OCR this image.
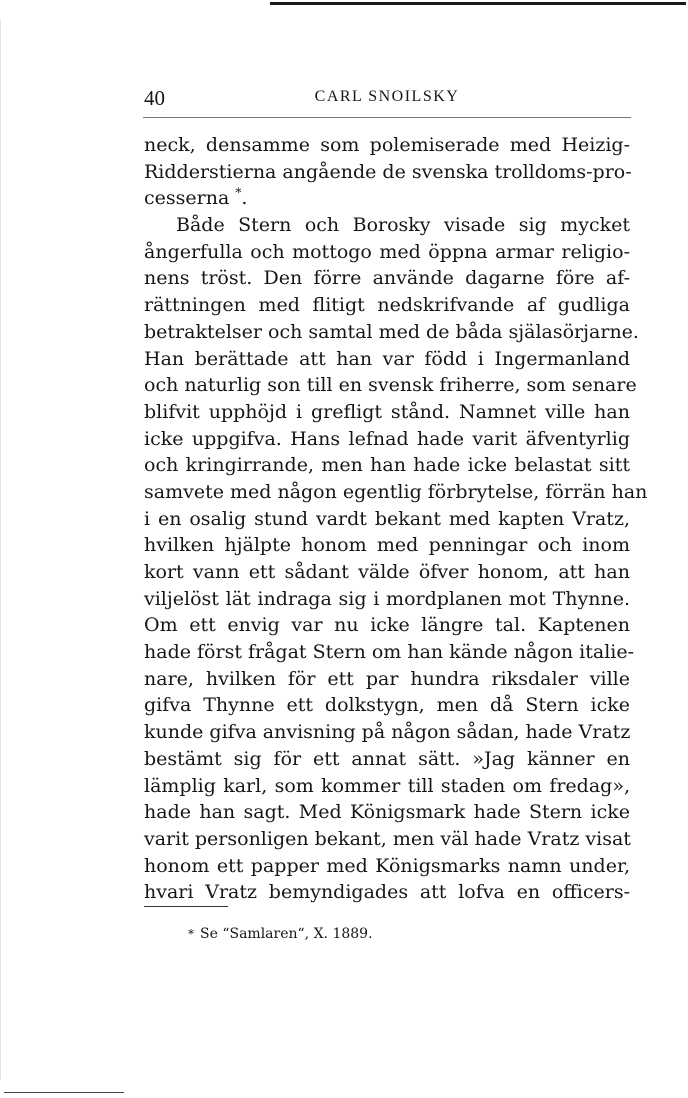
40	CARL SNOILSKY
neck, densamme som polemiserade med Heizig-
Ridderstierna angående de svenska trolldoms-pro-
cesserna *.
Både Stern och Borosky visade sig mycket
ångerfulla och mottogo med öppna armar religio-
nens tröst. Den förre använde dagarne före af-
rättningen med flitigt nedskrifvande af gudliga
betraktelser och samtal med de båda själasörjarne.
Han berättade att han var född i Ingermanland
och naturlig son till en svensk friherre, som senare
blifvit upphöjd i grefligt stånd. Namnet ville han
icke uppgifva. Hans lefnad hade varit äfventyrlig
och kringirrande, men han hade icke belastat sitt
samvete med någon egentlig förbrytelse, förrän han
i en osalig stund vardt bekant med kapten Vratz,
hvilken hjälpte honom med penningar och inom
kort vann ett sådant välde öfver honom, att han
viljelöst lät indraga sig i mordplanen mot Thynne.
Om ett envig var nu icke längre tal. Kaptenen
hade först frågat Stern om han kände någon italie-
nare, hvilken för ett par hundra riksdaler ville
gifva Thynne ett dolkstygn, men då Stern icke
kunde gifva anvisning på någon sådan, hade Vratz
bestämt sig för ett annat sätt. »Jag känner en
lämplig karl, som kommer till staden om fredag»,
hade han sagt. Med Königsmark hade Stern icke
varit personligen bekant, men väl hade Vratz visat
honom ett papper med Königsmarks namn under,
hvari Vratz bemyndigades att lofva en officers-
* Se “Samlaren“, X. 1889.
